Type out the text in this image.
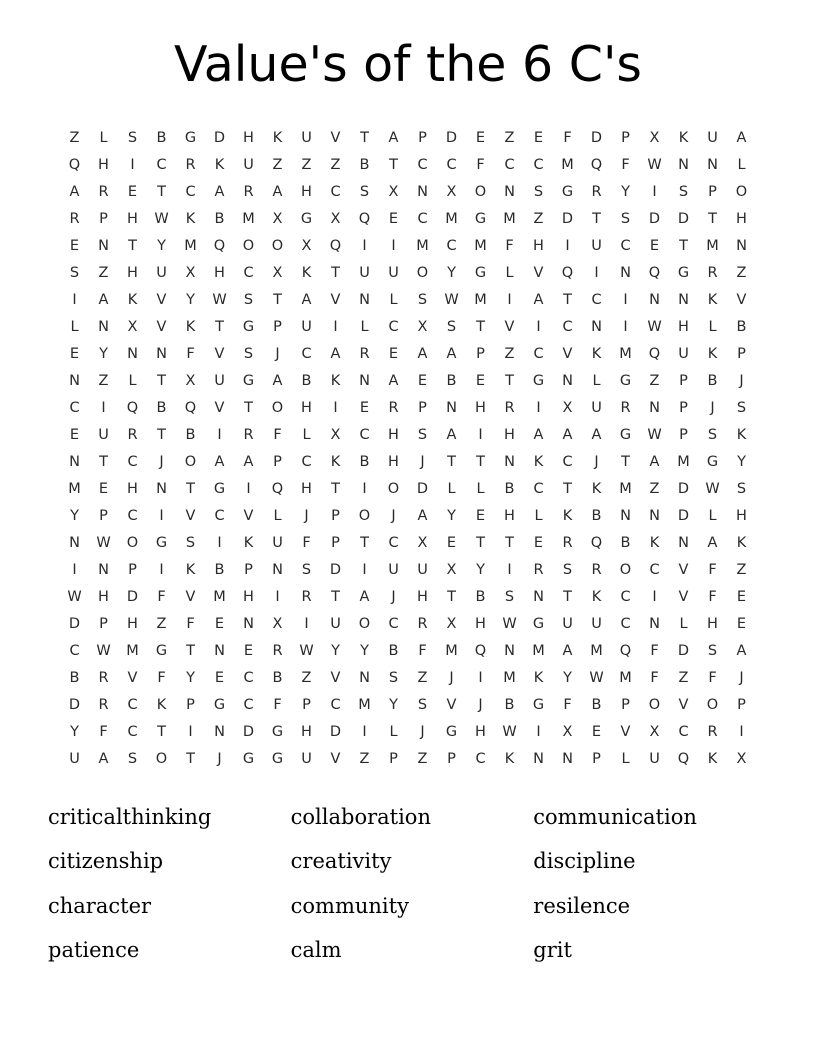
Value's of the 6 C's
Z	L	S	B	G	D	H	K	U	V	T	A	P	D	E	Z	E	F	D	P	X	K	U	A
Q	H	I	C	R	K	U	Z	Z	Z	B	T	C	C	F	C	C	M	Q	F	W	N	N	L
A	R	E	T	C	A	R	A	H	C	S	X	N	X	O	N	S	G	R	Y	I	S	P	O
R	P	H	W	K	B	M	X	G	X	Q	E	C	M	G	M	Z	D	T	S	D	D	T	H
E	N	T	Y	M	Q	O	O	X	Q	I	I	M	C	M	F	H	I	U	C	E	T	M	N
S	Z	H	U	X	H	C	X	K	T	U	U	O	Y	G	L	V	Q	I	N	Q	G	R	Z
I	A	K	V	Y	W	S	T	A	V	N	L	S	W	M	I	A	T	C	I	N	N	K	V
L	N	X	V	K	T	G	P	U	I	L	C	X	S	T	V	I	C	N	I	W	H	L	B
E	Y	N	N	F	V	S	J	C	A	R	E	A	A	P	Z	C	V	K	M	Q	U	K	P
N	Z	L	T	X	U	G	A	B	K	N	A	E	B	E	T	G	N	L	G	Z	P	B	J
C	I	Q	B	Q	V	T	O	H	I	E	R	P	N	H	R	I	X	U	R	N	P	J	S
E	U	R	T	B	I	R	F	L	X	C	H	S	A	I	H	A	A	A	G	W	P	S	K
N	T	C	J	O	A	A	P	C	K	B	H	J	T	T	N	K	C	J	T	A	M	G	Y
M	E	H	N	T	G	I	Q	H	T	I	O	D	L	L	B	C	T	K	M	Z	D	W	S
Y	P	C	I	V	C	V	L	J	P	O	J	A	Y	E	H	L	K	B	N	N	D	L	H
N	W	O	G	S	I	K	U	F	P	T	C	X	E	T	T	E	R	Q	B	K	N	A	K
I	N	P	I	K	B	P	N	S	D	I	U	U	X	Y	I	R	S	R	O	C	V	F	Z
W	H	D	F	V	M	H	I	R	T	A	J	H	T	B	S	N	T	K	C	I	V	F	E
D	P	H	Z	F	E	N	X	I	U	O	C	R	X	H	W	G	U	U	C	N	L	H	E
C	W	M	G	T	N	E	R	W	Y	Y	B	F	M	Q	N	M	A	M	Q	F	D	S	A
B	R	V	F	Y	E	C	B	Z	V	N	S	Z	J	I	M	K	Y	W	M	F	Z	F	J
D	R	C	K	P	G	C	F	P	C	M	Y	S	V	J	B	G	F	B	P	O	V	O	P
Y	F	C	T	I	N	D	G	H	D	I	L	J	G	H	W	I	X	E	V	X	C	R	I
U	A	S	O	T	J	G	G	U	V	Z	P	Z	P	C	K	N	N	P	L	U	Q	K	X
criticalthinking	collaboration	communication
citizenship	creativity	discipline
character	community	resilence
patience	calm	grit
